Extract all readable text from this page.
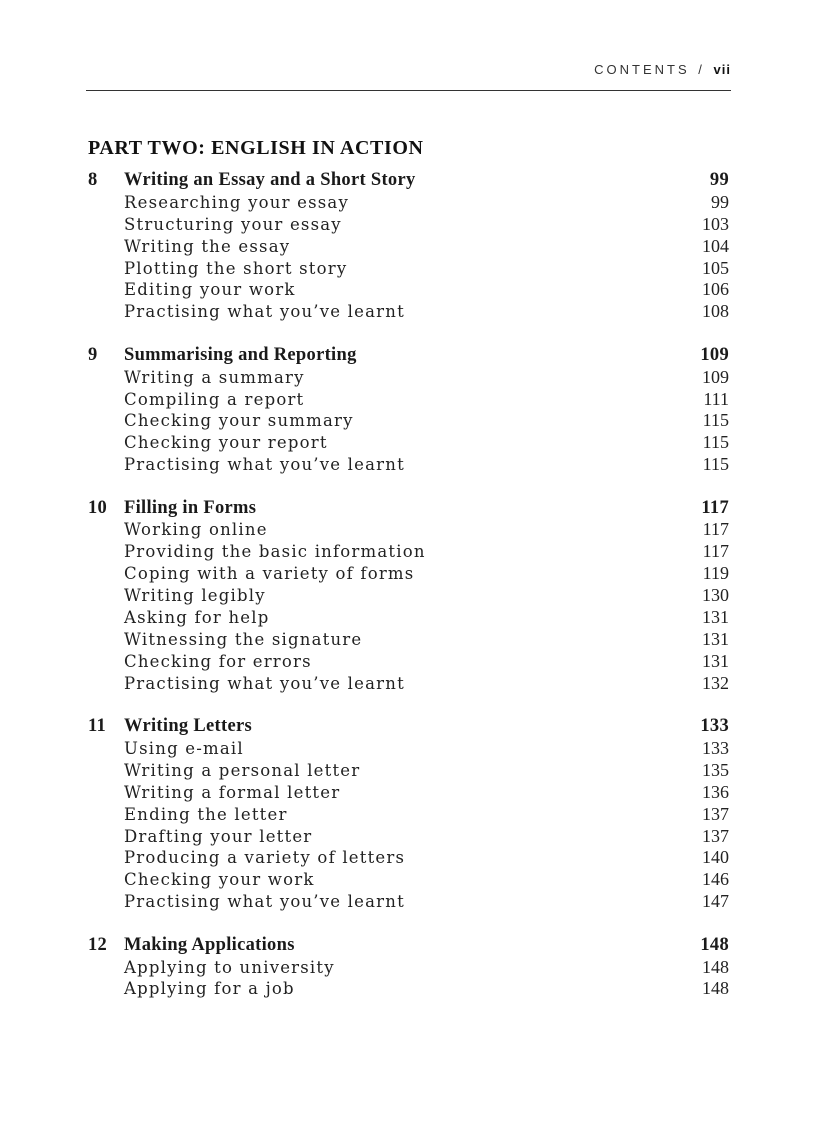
CONTENTS / vii
PART TWO: ENGLISH IN ACTION
8 Writing an Essay and a Short Story	99
Researching your essay	99
Structuring your essay	103
Writing the essay	104
Plotting the short story	105
Editing your work	106
Practising what you’ve learnt	108
9 Summarising and Reporting	109
Writing a summary	109
Compiling a report	111
Checking your summary	115
Checking your report	115
Practising what you’ve learnt	115
10 Filling in Forms	117
Working online	117
Providing the basic information	117
Coping with a variety of forms	119
Writing legibly	130
Asking for help	131
Witnessing the signature	131
Checking for errors	131
Practising what you’ve learnt	132
11 Writing Letters	133
Using e-mail	133
Writing a personal letter	135
Writing a formal letter	136
Ending the letter	137
Drafting your letter	137
Producing a variety of letters	140
Checking your work	146
Practising what you’ve learnt	147
12 Making Applications	148
Applying to university	148
Applying for a job	148
